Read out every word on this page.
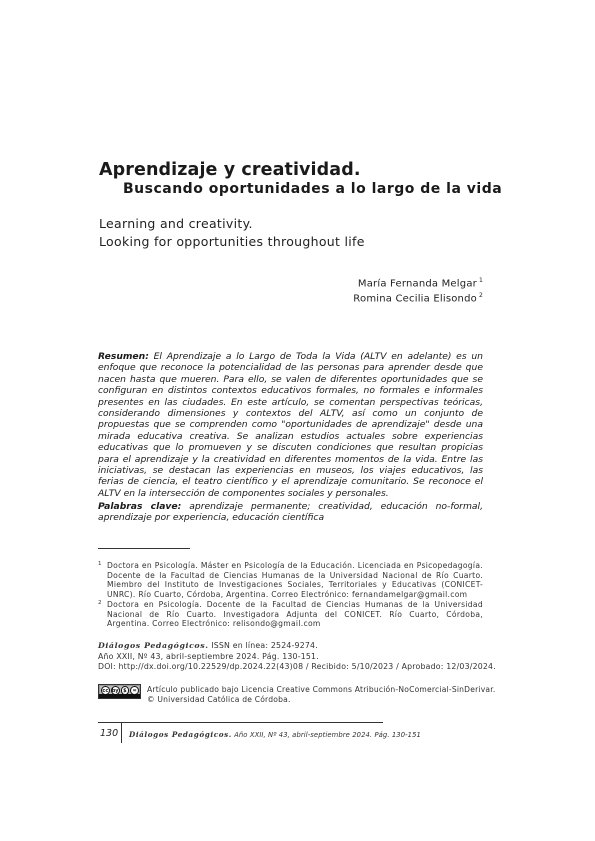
Aprendizaje y creatividad.
Buscando oportunidades a lo largo de la vida
Learning and creativity.
Looking for opportunities throughout life
María Fernanda Melgar $^1$
Romina Cecilia Elisondo $^2$
Resumen: El Aprendizaje a lo Largo de Toda la Vida (ALTV en adelante) es un enfoque que reconoce la potencialidad de las personas para aprender desde que nacen hasta que mueren. Para ello, se valen de diferentes oportunidades que se configuran en distintos contextos educativos formales, no formales e informales presentes en las ciudades. En este artículo, se comentan perspectivas teóricas, considerando dimensiones y contextos del ALTV, así como un conjunto de propuestas que se comprenden como "oportunidades de aprendizaje" desde una mirada educativa creativa. Se analizan estudios actuales sobre experiencias educativas que lo promueven y se discuten condiciones que resultan propicias para el aprendizaje y la creatividad en diferentes momentos de la vida. Entre las iniciativas, se destacan las experiencias en museos, los viajes educativos, las ferias de ciencia, el teatro científico y el aprendizaje comunitario. Se reconoce el ALTV en la intersección de componentes sociales y personales.
Palabras clave: aprendizaje permanente; creatividad, educación no-formal, aprendizaje por experiencia, educación científica
1 Doctora en Psicología. Máster en Psicología de la Educación. Licenciada en Psicopedagogía. Docente de la Facultad de Ciencias Humanas de la Universidad Nacional de Río Cuarto. Miembro del Instituto de Investigaciones Sociales, Territoriales y Educativas (CONICET-UNRC). Río Cuarto, Córdoba, Argentina. Correo Electrónico: fernandamelgar@gmail.com
2 Doctora en Psicología. Docente de la Facultad de Ciencias Humanas de la Universidad Nacional de Río Cuarto. Investigadora Adjunta del CONICET. Río Cuarto, Córdoba, Argentina. Correo Electrónico: relisondo@gmail.com
Diálogos Pedagógicos. ISSN en línea: 2524-9274.
Año XXII, Nº 43, abril-septiembre 2024. Pág. 130-151.
DOI: http://dx.doi.org/10.22529/dp.2024.22(43)08 / Recibido: 5/10/2023 / Aprobado: 12/03/2024.
cc by $	= Artículo publicado bajo Licencia Creative Commons Atribución-NoComercial-SinDerivar.
© Universidad Católica de Córdoba.
130 Diálogos Pedagógicos. Año XXII, Nº 43, abril-septiembre 2024. Pág. 130-151
